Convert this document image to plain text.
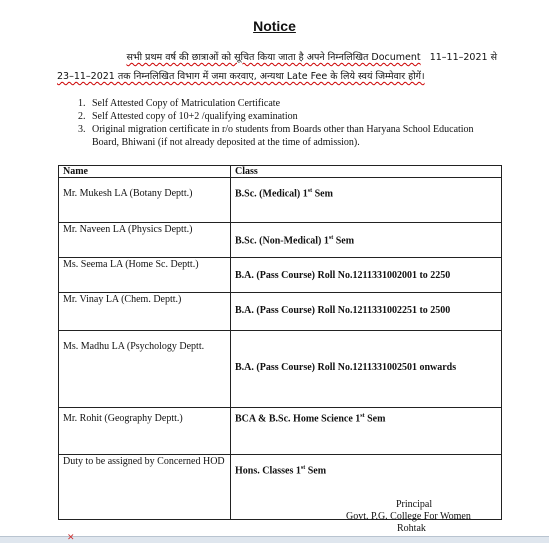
Notice
सभी प्रथम वर्ष की छात्राओं को सूचित किया जाता है अपने निम्नलिखित Document 11–11–2021 से
23–11–2021 तक निम्नलिखित विभाग में जमा करवाए, अन्यथा Late Fee के लिये स्वयं जिम्मेवार होगें।
1. Self Attested Copy of Matriculation Certificate
2. Self Attested copy of 10+2 /qualifying examination
3. Original migration certificate in r/o students from Boards other than Haryana School Education Board, Bhiwani (if not already deposited at the time of admission).
Name	Class
Mr. Mukesh LA (Botany Deptt.)	B.Sc. (Medical) 1st Sem
Mr. Naveen LA (Physics Deptt.)	B.Sc. (Non-Medical) 1st Sem
Ms. Seema LA (Home Sc. Deptt.)	B.A. (Pass Course) Roll No.1211331002001 to 2250
Mr. Vinay LA (Chem. Deptt.)	B.A. (Pass Course) Roll No.1211331002251 to 2500
Ms. Madhu LA (Psychology Deptt.	B.A. (Pass Course) Roll No.1211331002501 onwards
Mr. Rohit (Geography Deptt.)	BCA & B.Sc. Home Science 1st Sem
Duty to be assigned by Concerned HOD	Hons. Classes 1st Sem
Principal
Govt. P.G. College For Women
Rohtak
✕
